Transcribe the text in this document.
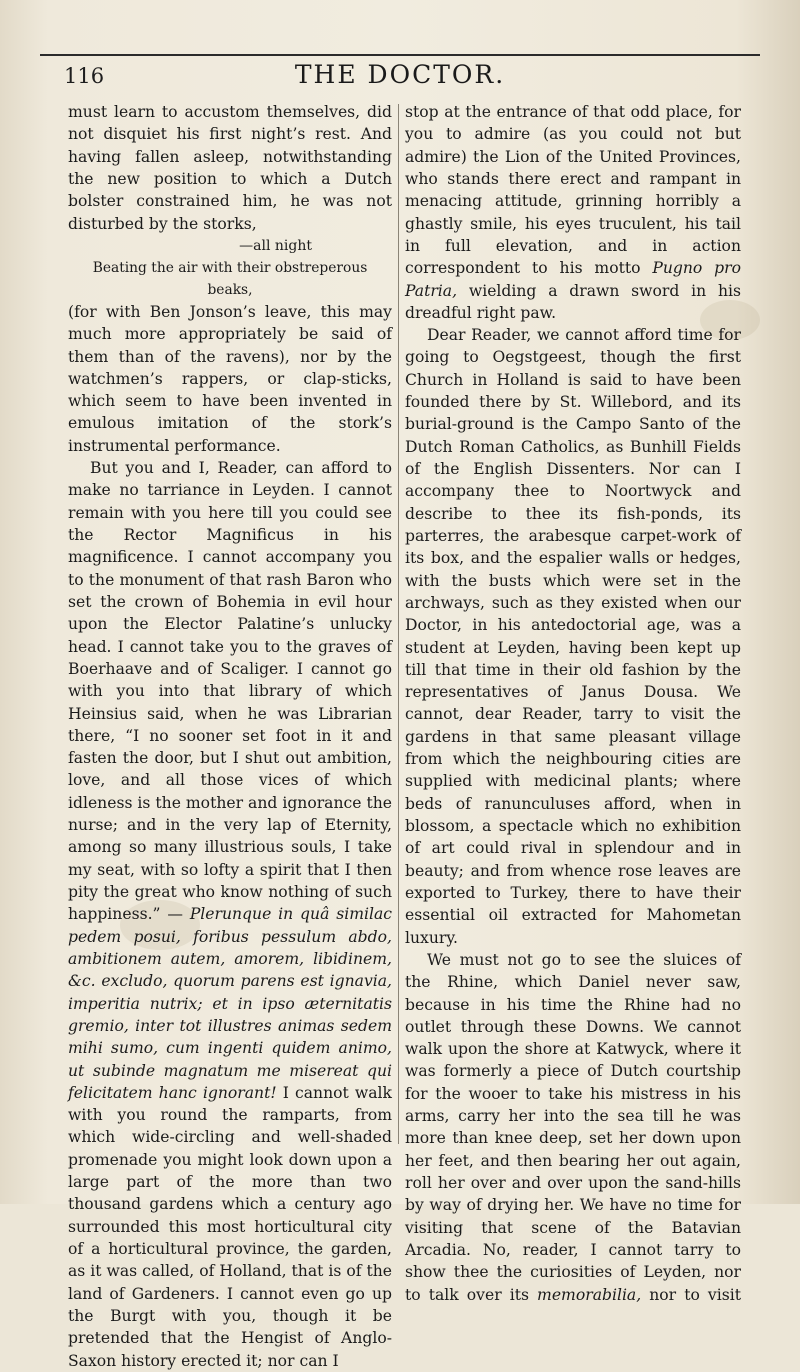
116	THE DOCTOR.

must learn to accustom themselves, did not disquiet his first night’s rest. And having fallen asleep, notwithstanding the new position to which a Dutch bolster constrained him, he was not disturbed by the storks,

—all night
Beating the air with their obstreperous beaks,

(for with Ben Jonson’s leave, this may much more appropriately be said of them than of the ravens), nor by the watchmen’s rappers, or clap-sticks, which seem to have been invented in emulous imitation of the stork’s instrumental performance.

But you and I, Reader, can afford to make no tarriance in Leyden. I cannot remain with you here till you could see the Rector Magnificus in his magnificence. I cannot accompany you to the monument of that rash Baron who set the crown of Bohemia in evil hour upon the Elector Palatine’s unlucky head. I cannot take you to the graves of Boerhaave and of Scaliger. I cannot go with you into that library of which Heinsius said, when he was Librarian there, “I no sooner set foot in it and fasten the door, but I shut out ambition, love, and all those vices of which idleness is the mother and ignorance the nurse; and in the very lap of Eternity, among so many illustrious souls, I take my seat, with so lofty a spirit that I then pity the great who know nothing of such happiness.” — Plerunque in quâ similac pedem posui, foribus pessulum abdo, ambitionem autem, amorem, libidinem, &c. excludo, quorum parens est ignavia, imperitia nutrix; et in ipso æternitatis gremio, inter tot illustres animas sedem mihi sumo, cum ingenti quidem animo, ut subinde magnatum me misereat qui felicitatem hanc ignorant! I cannot walk with you round the ramparts, from which wide-circling and well-shaded promenade you might look down upon a large part of the more than two thousand gardens which a century ago surrounded this most horticultural city of a horticultural province, the garden, as it was called, of Holland, that is of the land of Gardeners. I cannot even go up the Burgt with you, though it be pretended that the Hengist of Anglo-Saxon history erected it; nor can I

stop at the entrance of that odd place, for you to admire (as you could not but admire) the Lion of the United Provinces, who stands there erect and rampant in menacing attitude, grinning horribly a ghastly smile, his eyes truculent, his tail in full elevation, and in action correspondent to his motto Pugno pro Patria, wielding a drawn sword in his dreadful right paw.

Dear Reader, we cannot afford time for going to Oegstgeest, though the first Church in Holland is said to have been founded there by St. Willebord, and its burial-ground is the Campo Santo of the Dutch Roman Catholics, as Bunhill Fields of the English Dissenters. Nor can I accompany thee to Noortwyck and describe to thee its fish-ponds, its parterres, the arabesque carpet-work of its box, and the espalier walls or hedges, with the busts which were set in the archways, such as they existed when our Doctor, in his antedoctorial age, was a student at Leyden, having been kept up till that time in their old fashion by the representatives of Janus Dousa. We cannot, dear Reader, tarry to visit the gardens in that same pleasant village from which the neighbouring cities are supplied with medicinal plants; where beds of ranunculuses afford, when in blossom, a spectacle which no exhibition of art could rival in splendour and in beauty; and from whence rose leaves are exported to Turkey, there to have their essential oil extracted for Mahometan luxury.

We must not go to see the sluices of the Rhine, which Daniel never saw, because in his time the Rhine had no outlet through these Downs. We cannot walk upon the shore at Katwyck, where it was formerly a piece of Dutch courtship for the wooer to take his mistress in his arms, carry her into the sea till he was more than knee deep, set her down upon her feet, and then bearing her out again, roll her over and over upon the sand-hills by way of drying her. We have no time for visiting that scene of the Batavian Arcadia. No, reader, I cannot tarry to show thee the curiosities of Leyden, nor to talk over its memorabilia, nor to visit
